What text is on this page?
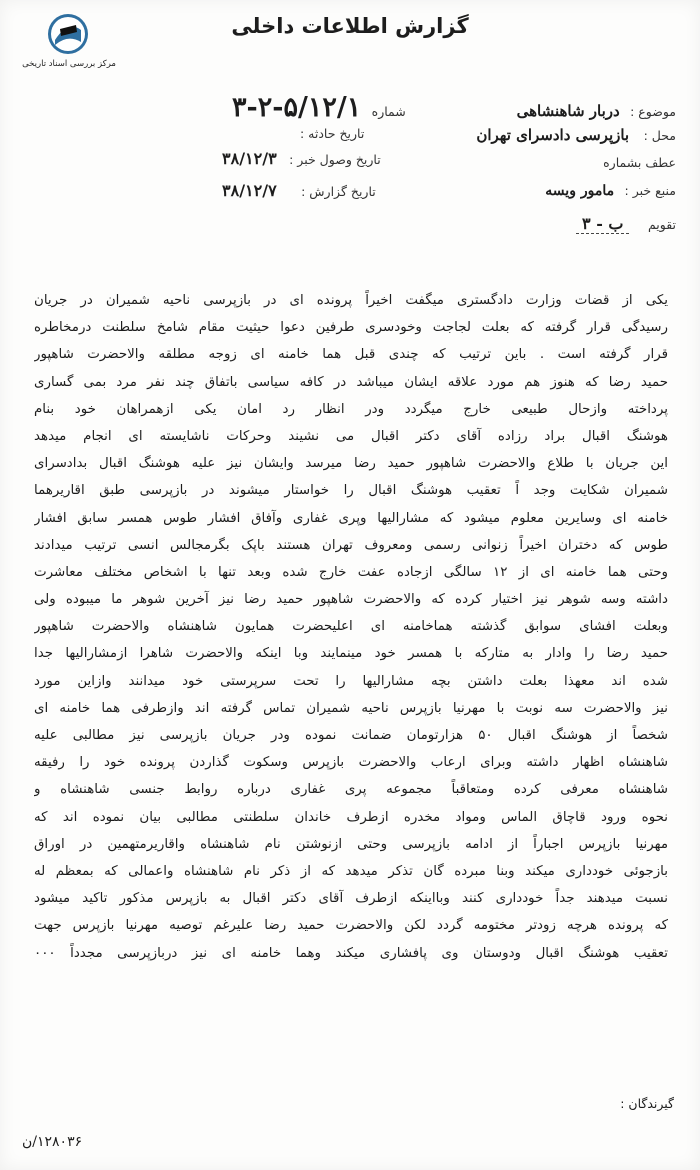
مرکز بررسی اسناد تاریخی
گزارش اطلاعات داخلی
شماره ۵/۱۲/۱-۲-۳
تاریخ حادثه :
تاریخ وصول خبر : ۳۸/۱۲/۳
تاریخ گزارش : ۳۸/۱۲/۷
موضوع : دربار شاهنشاهی
محل : بازپرسی دادسرای تهران
عطف بشماره
منبع خبر : مامور ویسه
تقویم ب - ۳
یکی از قضات وزارت دادگستری میگفت اخیراً پرونده ای در بازپرسی ناحیه شمیران در جریان
رسیدگی قرار گرفته که بعلت لجاجت وخودسری طرفین دعوا حیثیت مقام شامخ سلطنت درمخاطره
قرار گرفته است . باین ترتیب که چندی قبل هما خامنه ای زوجه مطلقه والاحضرت شاهپور
حمید رضا که هنوز هم مورد علاقه ایشان میباشد در کافه سیاسی باتفاق چند نفر مرد بمی گساری
پرداخته وازحال طبیعی خارج میگردد ودر انظار رد امان یکی ازهمراهان خود بنام
هوشنگ اقبال براد رزاده آقای دکتر اقبال می نشیند وحرکات ناشایسته ای انجام میدهد
این جریان با طلاع والاحضرت شاهپور حمید رضا میرسد وایشان نیز علیه هوشنگ اقبال بدادسرای
شمیران شکایت وجد اً تعقیب هوشنگ اقبال را خواستار میشوند در بازپرسی طبق اقاریرهما
خامنه ای وسایرین معلوم میشود که مشارالیها وپری غفاری وآفاق افشار طوس همسر سابق افشار
طوس که دختران اخیراً زنوانی رسمی ومعروف تهران هستند باپک بگرمجالس انسی ترتیب میدادند
وحتی هما خامنه ای از ۱۲ سالگی ازجاده عفت خارج شده وبعد تنها با اشخاص مختلف معاشرت
داشته وسه شوهر نیز اختیار کرده که والاحضرت شاهپور حمید رضا نیز آخرین شوهر ما میبوده ولی
وبعلت افشای سوابق گذشته هماخامنه ای اعلیحضرت همایون شاهنشاه والاحضرت شاهپور
حمید رضا را وادار به متارکه با همسر خود مینمایند وبا اینکه والاحضرت شاهرا ازمشارالیها جدا
شده اند معهذا بعلت داشتن بچه مشارالیها را تحت سرپرستی خود میدانند وازاین مورد
نیز والاحضرت سه نوبت با مهرنیا بازپرس ناحیه شمیران تماس گرفته اند وازطرفی هما خامنه ای
شخصاً از هوشنگ اقبال ۵۰ هزارتومان ضمانت نموده ودر جریان بازپرسی نیز مطالبی علیه
شاهنشاه اظهار داشته وبرای ارعاب والاحضرت بازپرس وسکوت گذاردن پرونده خود را رفیقه
شاهنشاه معرفی کرده ومتعاقباً مجموعه پری غفاری درباره روابط جنسی شاهنشاه و
نحوه ورود قاچاق الماس ومواد مخدره ازطرف خاندان سلطنتی مطالبی بیان نموده اند که
مهرنیا بازپرس اجباراً از ادامه بازپرسی وحتی ازنوشتن نام شاهنشاه واقاریرمتهمین در اوراق
بازجوئی خودداری میکند وبنا مبرده گان تذکر میدهد که از ذکر نام شاهنشاه واعمالی که بمعظم له
نسبت میدهند جداً خودداری کنند وبااینکه ازطرف آقای دکتر اقبال به بازپرس مذکور تاکید میشود
که پرونده هرچه زودتر مختومه گردد لکن والاحضرت حمید رضا علیرغم توصیه مهرنیا بازپرس جهت
تعقیب هوشنگ اقبال ودوستان وی پافشاری میکند وهما خامنه ای نیز دربازپرسی مجدداً ۰۰۰
گیرندگان :
۱۲۸۰۳۶/ن
